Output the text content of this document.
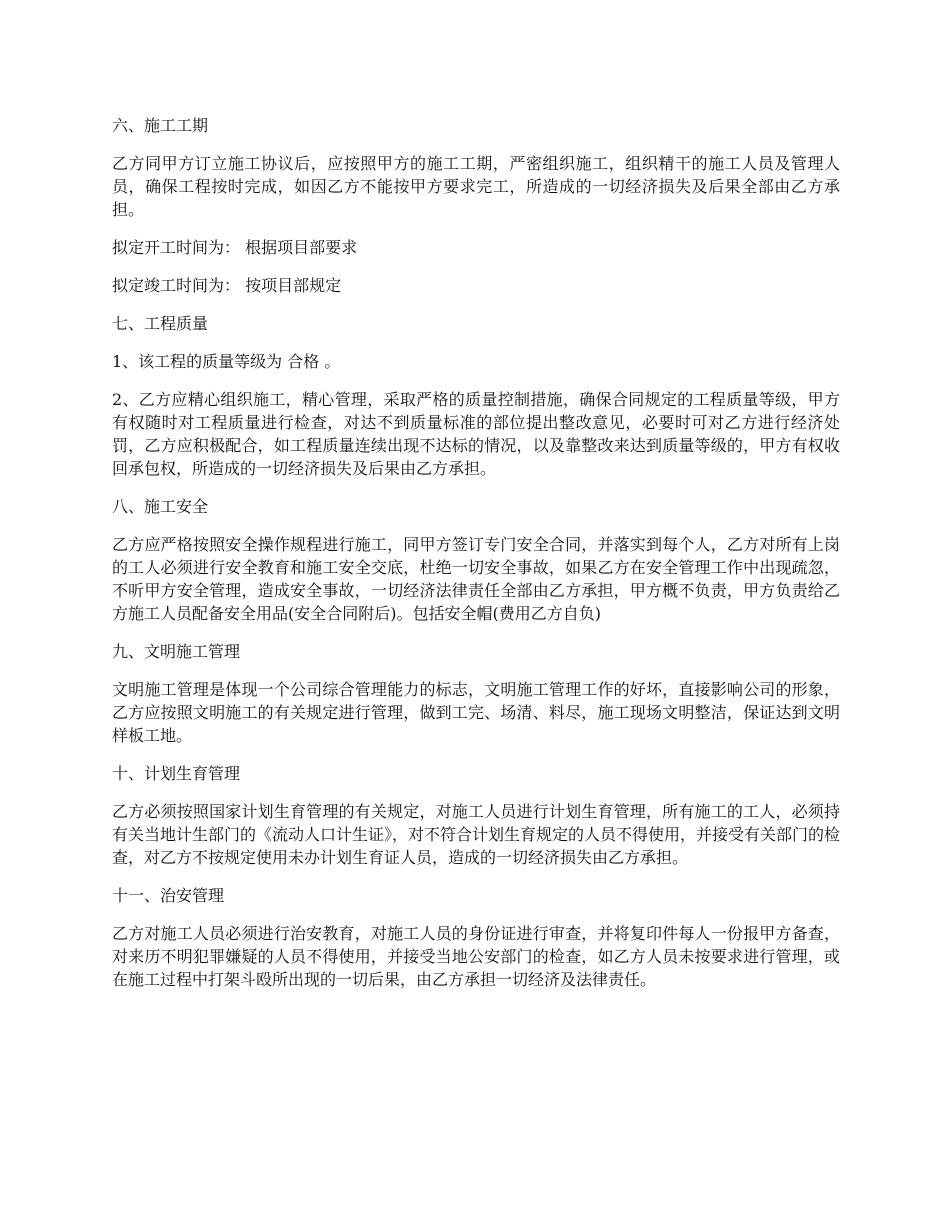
六、施工工期

乙方同甲方订立施工协议后，应按照甲方的施工工期，严密组织施工，组织精干的施工人员及管理人员，确保工程按时完成，如因乙方不能按甲方要求完工，所造成的一切经济损失及后果全部由乙方承担。

拟定开工时间为： 根据项目部要求

拟定竣工时间为： 按项目部规定

七、工程质量

1、该工程的质量等级为 合格 。

2、乙方应精心组织施工，精心管理，采取严格的质量控制措施，确保合同规定的工程质量等级，甲方有权随时对工程质量进行检查，对达不到质量标准的部位提出整改意见，必要时可对乙方进行经济处罚，乙方应积极配合，如工程质量连续出现不达标的情况，以及靠整改来达到质量等级的，甲方有权收回承包权，所造成的一切经济损失及后果由乙方承担。

八、施工安全

乙方应严格按照安全操作规程进行施工，同甲方签订专门安全合同，并落实到每个人，乙方对所有上岗的工人必须进行安全教育和施工安全交底，杜绝一切安全事故，如果乙方在安全管理工作中出现疏忽，不听甲方安全管理，造成安全事故，一切经济法律责任全部由乙方承担，甲方概不负责，甲方负责给乙方施工人员配备安全用品(安全合同附后)。包括安全帽(费用乙方自负)

九、文明施工管理

文明施工管理是体现一个公司综合管理能力的标志，文明施工管理工作的好坏，直接影响公司的形象，乙方应按照文明施工的有关规定进行管理，做到工完、场清、料尽，施工现场文明整洁，保证达到文明样板工地。

十、计划生育管理

乙方必须按照国家计划生育管理的有关规定，对施工人员进行计划生育管理，所有施工的工人，必须持有关当地计生部门的《流动人口计生证》，对不符合计划生育规定的人员不得使用，并接受有关部门的检查，对乙方不按规定使用未办计划生育证人员，造成的一切经济损失由乙方承担。

十一、治安管理

乙方对施工人员必须进行治安教育，对施工人员的身份证进行审查，并将复印件每人一份报甲方备查，对来历不明犯罪嫌疑的人员不得使用，并接受当地公安部门的检查，如乙方人员未按要求进行管理，或在施工过程中打架斗殴所出现的一切后果，由乙方承担一切经济及法律责任。
